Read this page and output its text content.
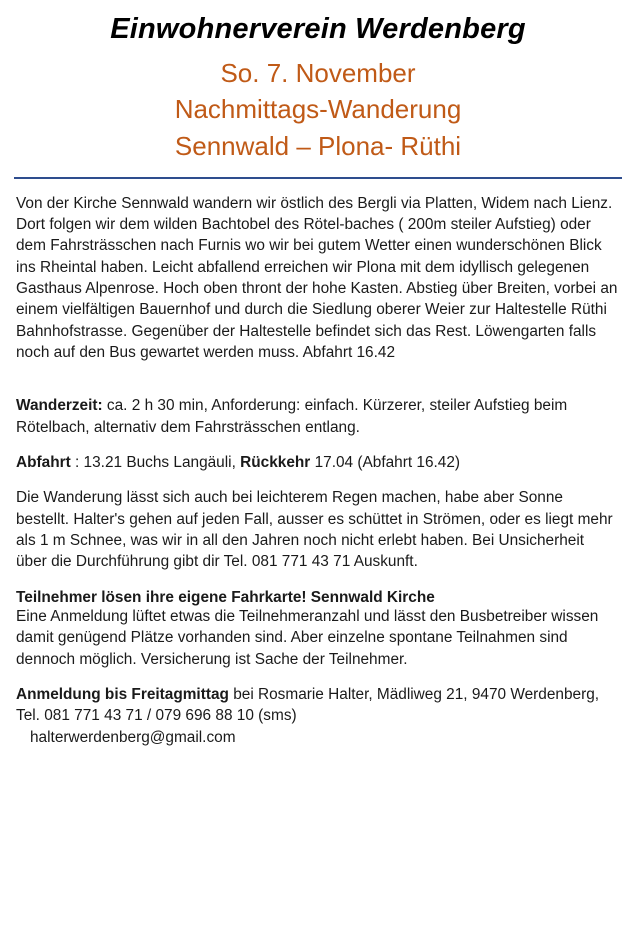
Einwohnerverein Werdenberg
So. 7. November
Nachmittags-Wanderung
Sennwald – Plona- Rüthi

Von der Kirche Sennwald wandern wir östlich des Bergli via Platten, Widem nach Lienz. Dort folgen wir dem wilden Bachtobel des Rötel-baches ( 200m steiler Aufstieg) oder dem Fahrsträsschen nach Furnis wo wir bei gutem Wetter einen wunderschönen Blick ins Rheintal haben. Leicht abfallend erreichen wir Plona mit dem idyllisch gelegenen Gasthaus Alpenrose. Hoch oben thront der hohe Kasten. Abstieg über Breiten, vorbei an einem vielfältigen Bauernhof und durch die Siedlung oberer Weier zur Haltestelle Rüthi Bahnhofstrasse. Gegenüber der Haltestelle befindet sich das Rest. Löwengarten falls noch auf den Bus gewartet werden muss. Abfahrt 16.42

Wanderzeit: ca. 2 h 30 min, Anforderung: einfach. Kürzerer, steiler Aufstieg beim Rötelbach, alternativ dem Fahrsträsschen entlang.

Abfahrt : 13.21 Buchs Langäuli, Rückkehr 17.04 (Abfahrt 16.42)

Die Wanderung lässt sich auch bei leichterem Regen machen, habe aber Sonne bestellt. Halter's gehen auf jeden Fall, ausser es schüttet in Strömen, oder es liegt mehr als 1 m Schnee, was wir in all den Jahren noch nicht erlebt haben. Bei Unsicherheit über die Durchführung gibt dir Tel. 081 771 43 71 Auskunft.

Teilnehmer lösen ihre eigene Fahrkarte! Sennwald Kirche

Eine Anmeldung lüftet etwas die Teilnehmeranzahl und lässt den Busbetreiber wissen damit genügend Plätze vorhanden sind. Aber einzelne spontane Teilnahmen sind dennoch möglich. Versicherung ist Sache der Teilnehmer.

Anmeldung bis Freitagmittag bei Rosmarie Halter, Mädliweg 21, 9470 Werdenberg, Tel. 081 771 43 71 / 079 696 88 10 (sms)
halterwerdenberg@gmail.com
